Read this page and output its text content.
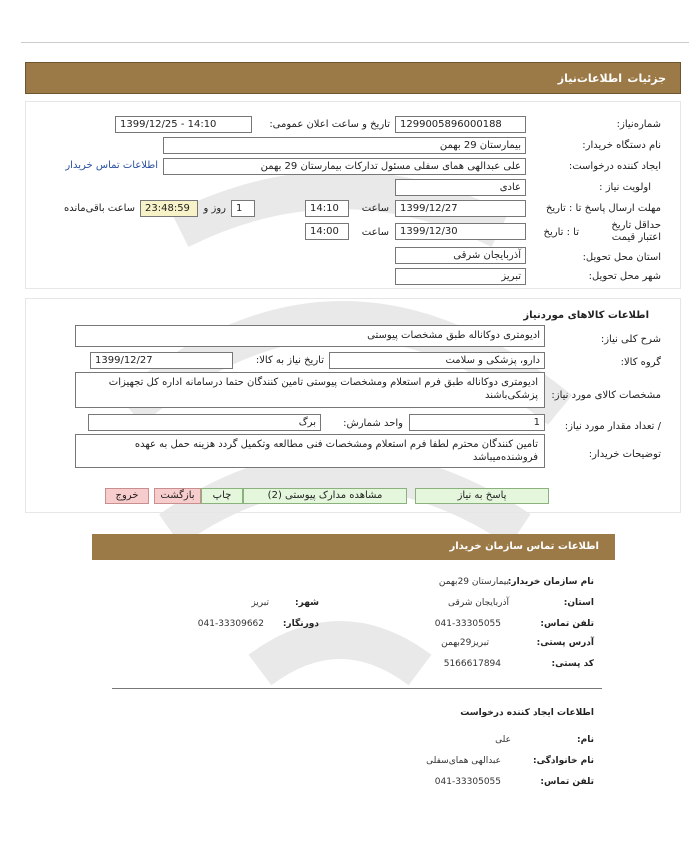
جزئیات
اطلاعات‌نیاز
شماره‌نیاز:
1299005896000188
تاریخ و ساعت اعلان عمومی:
1399/12/25 - 14:10
نام دستگاه خریدار:
بیمارستان 29 بهمن
ایجاد کننده درخواست:
علی عبدالهی همای سفلی مسئول تدارکات بیمارستان 29 بهمن
اطلاعات تماس خریدار
اولویت نیاز :
عادی
مهلت ارسال پاسخ تا : تاریخ
1399/12/27
ساعت
14:10
1
روز و
23:48:59
ساعت باقی‌مانده
حداقل تاریخ اعتبار قیمت
تا : تاریخ
1399/12/30
ساعت
14:00
استان محل تحویل:
آذربایجان شرقی
شهر محل تحویل:
تبریز
اطلاعات کالاهای مورد‌نیاز
شرح کلی نیاز:
ادیومتری دوکاناله طبق مشخصات پیوستی
گروه کالا:
دارو، پزشکی و سلامت
تاریخ نیاز به کالا:
1399/12/27
مشخصات کالای مورد نیاز:
ادیومتری دوکاناله طبق فرم استعلام ومشخصات پیوستی تامین کنندگان حتما درسامانه اداره کل تجهیزات پزشکی‌باشند
/ تعداد مقدار مورد نیاز:
1
واحد شمارش:
برگ
توضیحات خریدار:
تامین کنندگان محترم لطفا فرم استعلام ومشخصات فنی مطالعه وتکمیل گردد هزینه حمل به عهده فروشنده‌میباشد
پاسخ به نیاز
مشاهده مدارک پیوستی (2)
چاپ
بازگشت
خروج
اطلاعات تماس سازمان خریدار
نام سازمان خریدار:
بیمارستان 29بهمن
استان:
آذربایجان شرقی
شهر:
تبریز
تلفن تماس:
041-33305055
دورنگار:
041-33309662
آدرس پستی:
تبریز29بهمن
کد پستی:
5166617894
اطلاعات ایجاد کننده درخواست
نام:
علی
نام خانوادگی:
عبدالهی همای‌سفلی
تلفن تماس:
041-33305055
